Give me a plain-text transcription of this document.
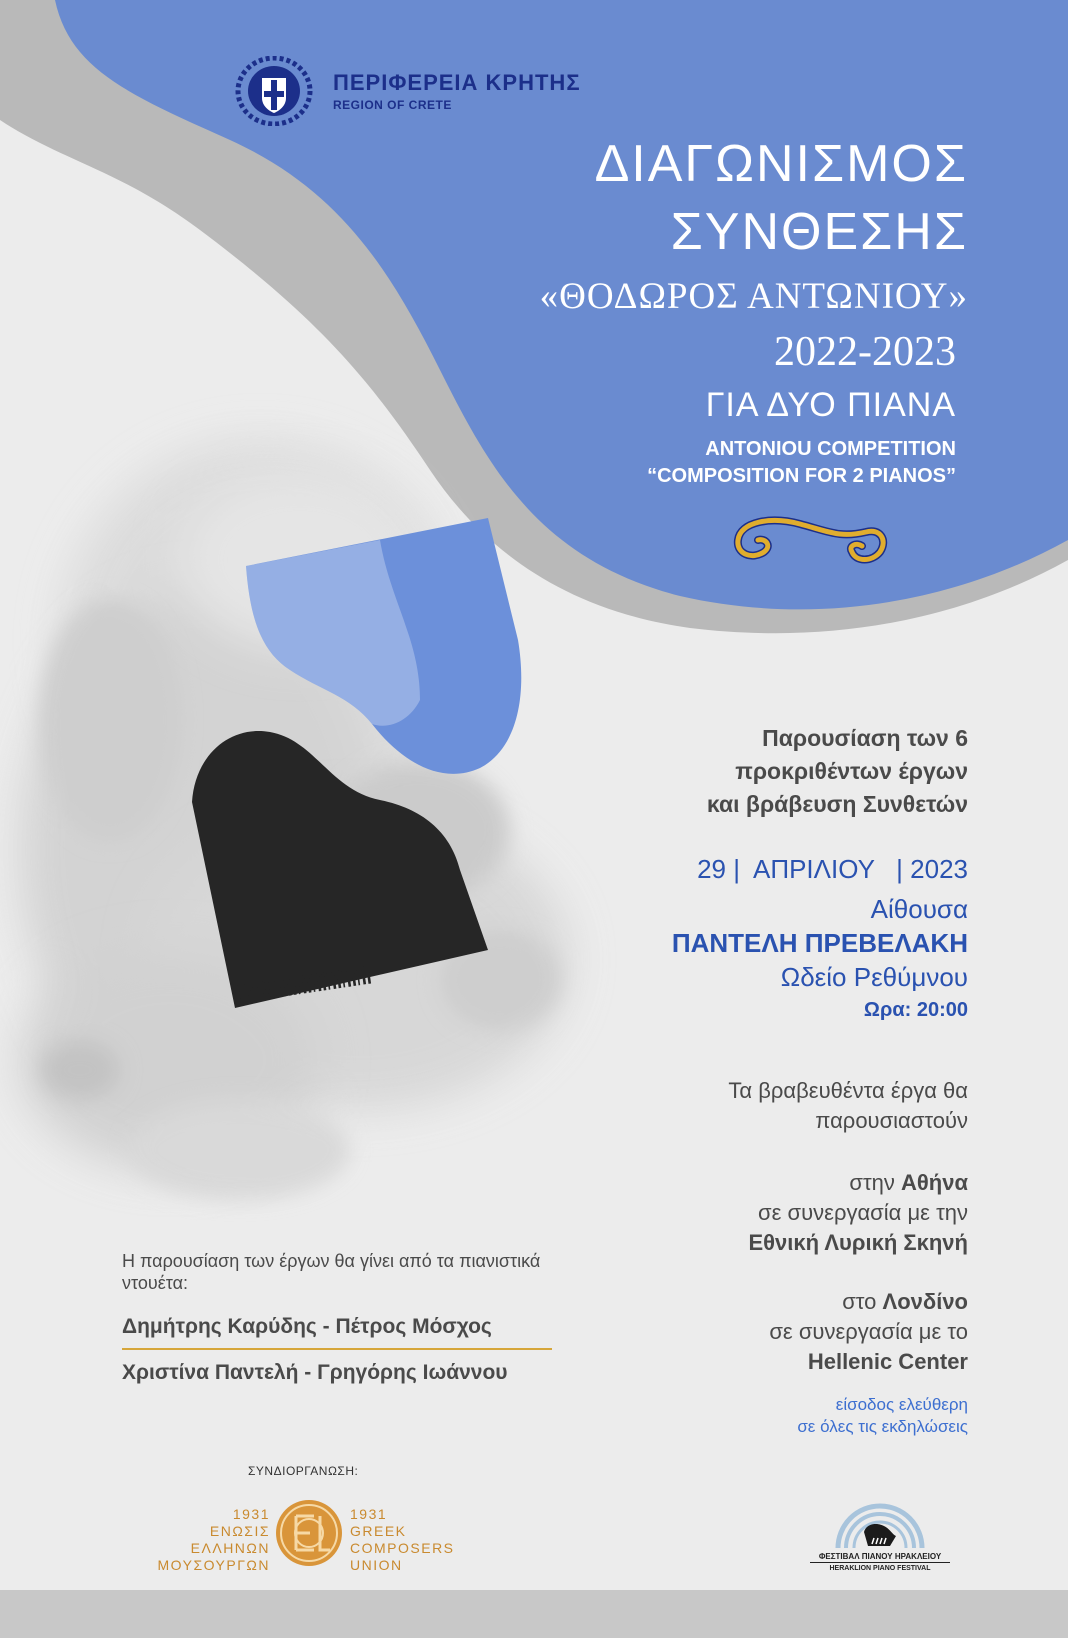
ΠΕΡΙΦΕΡΕΙΑ ΚΡΗΤΗΣ
REGION OF CRETE
ΔΙΑΓΩΝΙΣΜΟΣ
ΣΥΝΘΕΣΗΣ
«ΘΟΔΩΡΟΣ ΑΝΤΩΝΙΟΥ»
2022-2023
ΓΙΑ ΔΥΟ ΠΙΑΝΑ
ANTONIOU COMPETITION
“COMPOSITION FOR 2 PIANOS”
Παρουσίαση των 6
προκριθέντων έργων
και βράβευση Συνθετών
29 |  ΑΠΡΙΛΙΟΥ   | 2023
Αίθουσα
ΠΑΝΤΕΛΗ ΠΡΕΒΕΛΑΚΗ
Ωδείο Ρεθύμνου
Ωρα: 20:00
Τα βραβευθέντα έργα θα
παρουσιαστούν
στην Αθήνα
σε συνεργασία με την
Εθνική Λυρική Σκηνή
στο Λονδίνο
σε συνεργασία με το
Hellenic Center
είσοδος ελεύθερη
σε όλες τις εκδηλώσεις
Η παρουσίαση των έργων θα γίνει από τα πιανιστικά ντουέτα:
Δημήτρης Καρύδης - Πέτρος Μόσχος
Χριστίνα Παντελή - Γρηγόρης Ιωάννου
ΣΥΝΔΙΟΡΓΑΝΩΣΗ:
1931
ΕΝΩΣΙΣ
ΕΛΛΗΝΩΝ
ΜΟΥΣΟΥΡΓΩΝ
1931
GREEK
COMPOSERS
UNION
ΦΕΣΤΙΒΑΛ ΠΙΑΝΟΥ ΗΡΑΚΛΕΙΟΥ
HERAKLION PIANO FESTIVAL
